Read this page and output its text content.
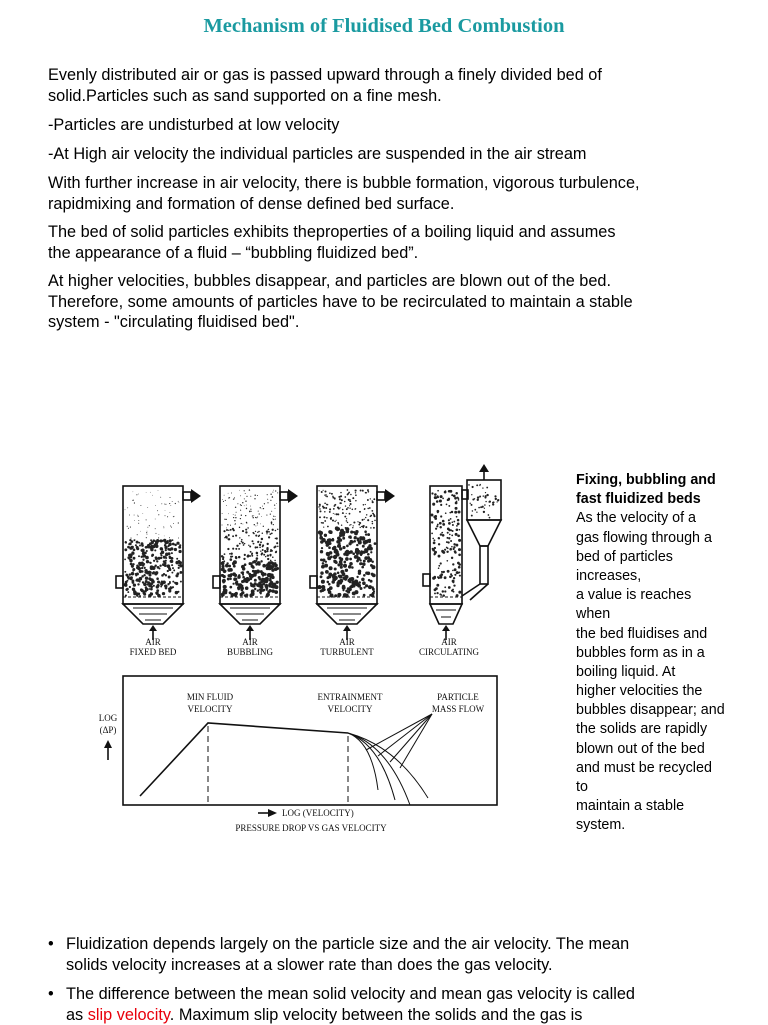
Mechanism of Fluidised Bed Combustion
Evenly distributed air or gas is passed upward through a finely divided bed of
solid.Particles such as sand supported on a fine mesh.
-Particles are undisturbed at low velocity
-At High air velocity the individual particles are suspended in the air stream
With further increase in air velocity, there is bubble formation, vigorous turbulence,
rapidmixing and formation of dense defined bed surface.
The bed of solid particles exhibits theproperties of a boiling liquid and assumes
the appearance of a fluid – “bubbling fluidized bed”.
At higher velocities, bubbles disappear, and particles are blown out of the bed.
Therefore, some amounts of particles have to be recirculated to maintain a stable
system - "circulating fluidised bed".
AIR
FIXED BED
AIR
BUBBLING
AIR
TURBULENT
AIR
CIRCULATING
MIN FLUID
VELOCITY
ENTRAINMENT
VELOCITY
PARTICLE
MASS FLOW
LOG
(ΔP)
LOG (VELOCITY)
PRESSURE DROP VS GAS VELOCITY
Fixing, bubbling and
fast fluidized beds
As the velocity of a
gas flowing through a
bed of particles
increases,
a value is reaches
when
the bed fluidises and
bubbles form as in a
boiling liquid. At
higher velocities the
bubbles disappear; and
the solids are rapidly
blown out of the bed
and must be recycled
to
maintain a stable
system.
• Fluidization depends largely on the particle size and the air velocity. The mean
solids velocity increases at a slower rate than does the gas velocity.
• The difference between the mean solid velocity and mean gas velocity is called
as slip velocity. Maximum slip velocity between the solids and the gas is
